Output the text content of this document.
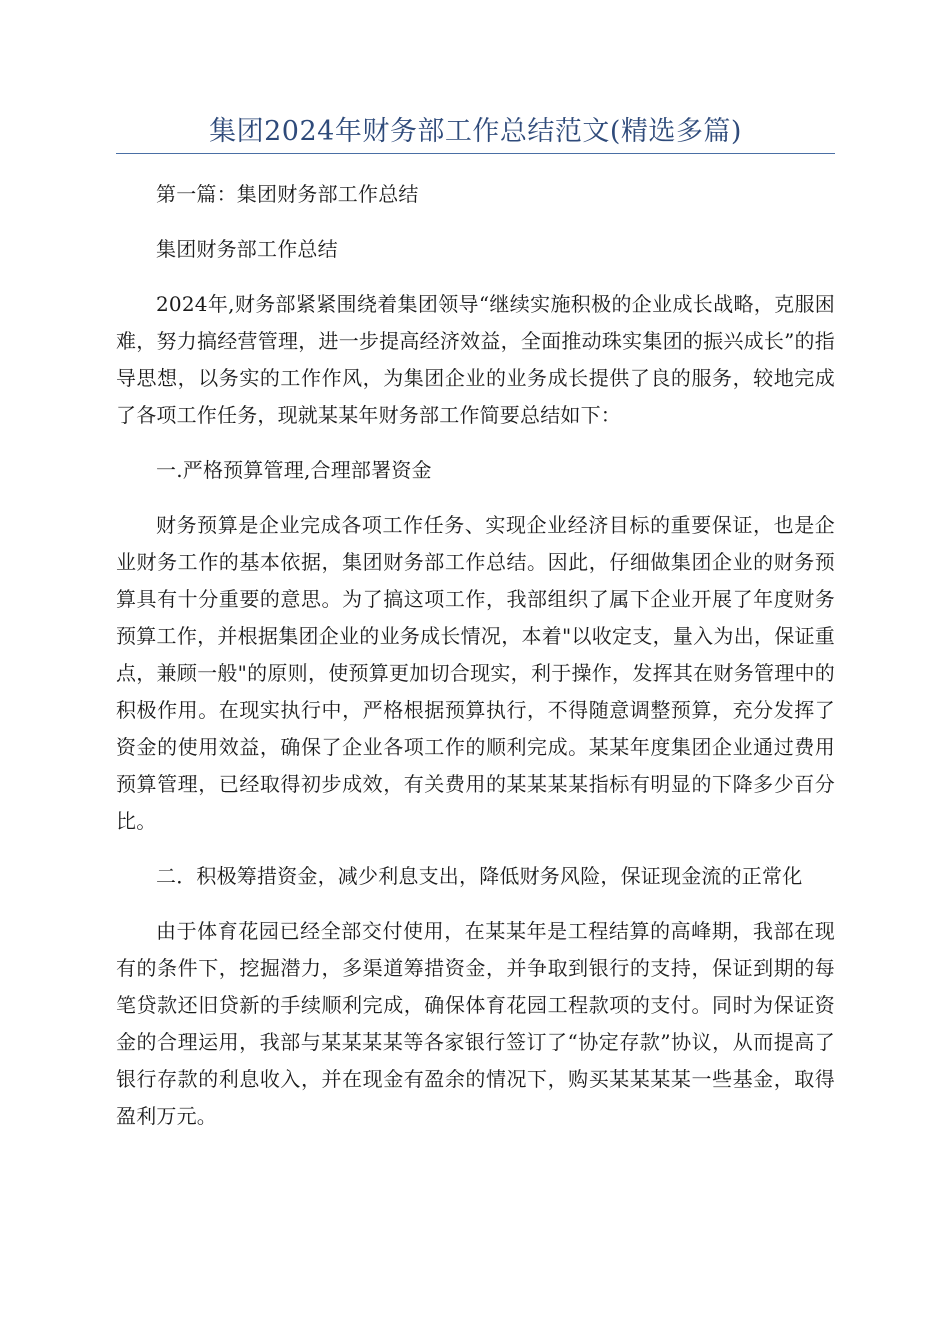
集团2024年财务部工作总结范文(精选多篇)

第一篇：集团财务部工作总结

集团财务部工作总结

2024年,财务部紧紧围绕着集团领导“继续实施积极的企业成长战略，克服困难，努力搞经营管理，进一步提高经济效益，全面推动珠实集团的振兴成长”的指导思想，以务实的工作作风，为集团企业的业务成长提供了良的服务，较地完成了各项工作任务，现就某某年财务部工作简要总结如下：

一.严格预算管理,合理部署资金

财务预算是企业完成各项工作任务、实现企业经济目标的重要保证，也是企业财务工作的基本依据，集团财务部工作总结。因此，仔细做集团企业的财务预算具有十分重要的意思。为了搞这项工作，我部组织了属下企业开展了年度财务预算工作，并根据集团企业的业务成长情况，本着"以收定支，量入为出，保证重点，兼顾一般"的原则，使预算更加切合现实，利于操作，发挥其在财务管理中的积极作用。在现实执行中，严格根据预算执行，不得随意调整预算，充分发挥了资金的使用效益，确保了企业各项工作的顺利完成。某某年度集团企业通过费用预算管理，已经取得初步成效，有关费用的某某某某指标有明显的下降多少百分比。

二．积极筹措资金，减少利息支出，降低财务风险，保证现金流的正常化

由于体育花园已经全部交付使用，在某某年是工程结算的高峰期，我部在现有的条件下，挖掘潜力，多渠道筹措资金，并争取到银行的支持，保证到期的每笔贷款还旧贷新的手续顺利完成，确保体育花园工程款项的支付。同时为保证资金的合理运用，我部与某某某某等各家银行签订了“协定存款”协议，从而提高了银行存款的利息收入，并在现金有盈余的情况下，购买某某某某一些基金，取得盈利万元。
